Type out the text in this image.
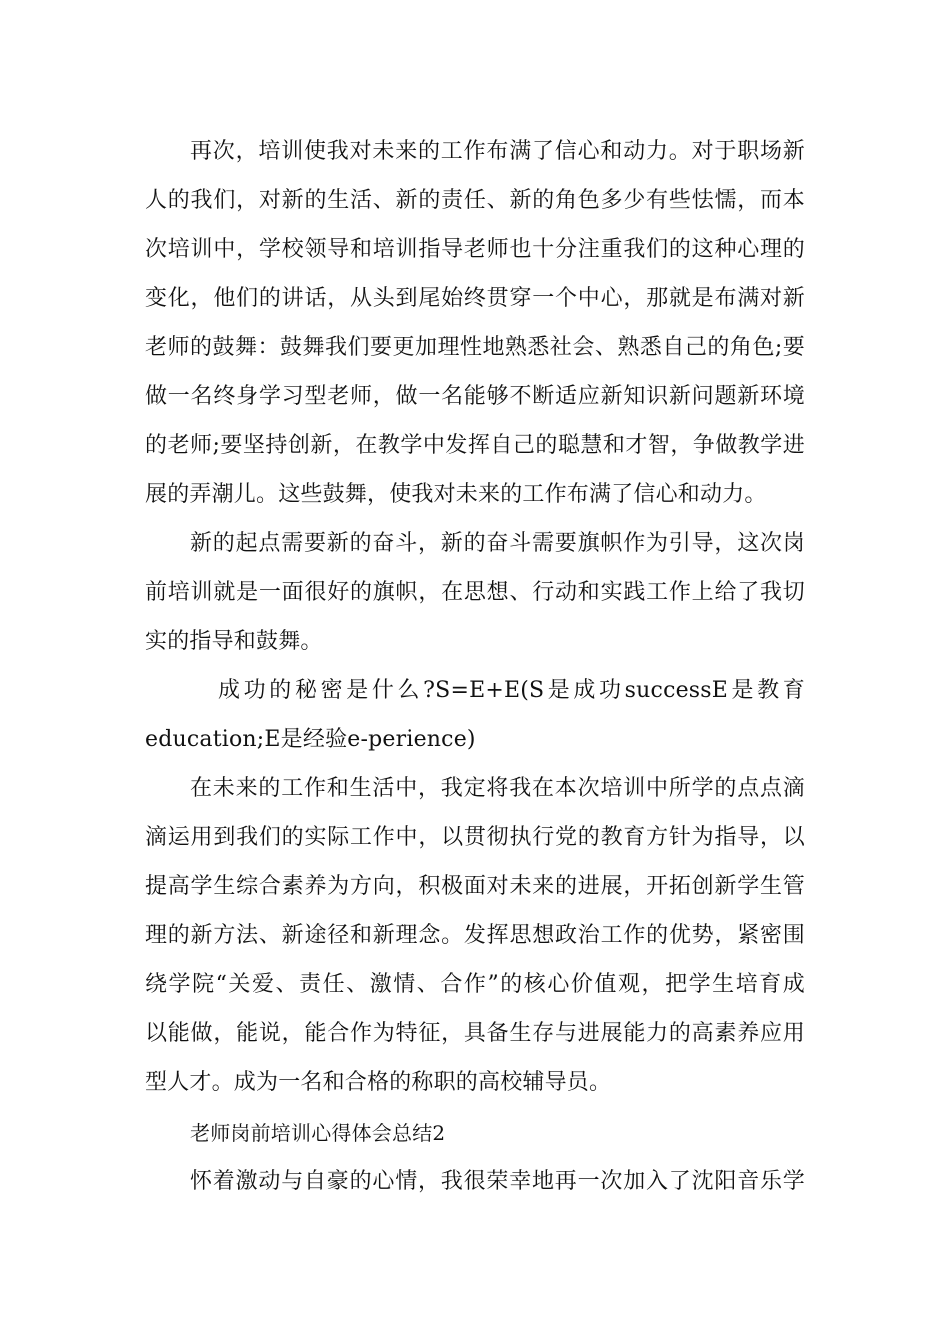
再次，培训使我对未来的工作布满了信心和动力。对于职场新
人的我们，对新的生活、新的责任、新的角色多少有些怯懦，而本
次培训中，学校领导和培训指导老师也十分注重我们的这种心理的
变化，他们的讲话，从头到尾始终贯穿一个中心，那就是布满对新
老师的鼓舞：鼓舞我们要更加理性地熟悉社会、熟悉自己的角色;要
做一名终身学习型老师，做一名能够不断适应新知识新问题新环境
的老师;要坚持创新，在教学中发挥自己的聪慧和才智，争做教学进
展的弄潮儿。这些鼓舞，使我对未来的工作布满了信心和动力。
新的起点需要新的奋斗，新的奋斗需要旗帜作为引导，这次岗
前培训就是一面很好的旗帜，在思想、行动和实践工作上给了我切
实的指导和鼓舞。
成功的秘密是什么?S=E+E(S是成功successE是教育
education;E是经验e-perience)
在未来的工作和生活中，我定将我在本次培训中所学的点点滴
滴运用到我们的实际工作中，以贯彻执行党的教育方针为指导，以
提高学生综合素养为方向，积极面对未来的进展，开拓创新学生管
理的新方法、新途径和新理念。发挥思想政治工作的优势，紧密围
绕学院“关爱、责任、激情、合作”的核心价值观，把学生培育成
以能做，能说，能合作为特征，具备生存与进展能力的高素养应用
型人才。成为一名和合格的称职的高校辅导员。
老师岗前培训心得体会总结2
怀着激动与自豪的心情，我很荣幸地再一次加入了沈阳音乐学
